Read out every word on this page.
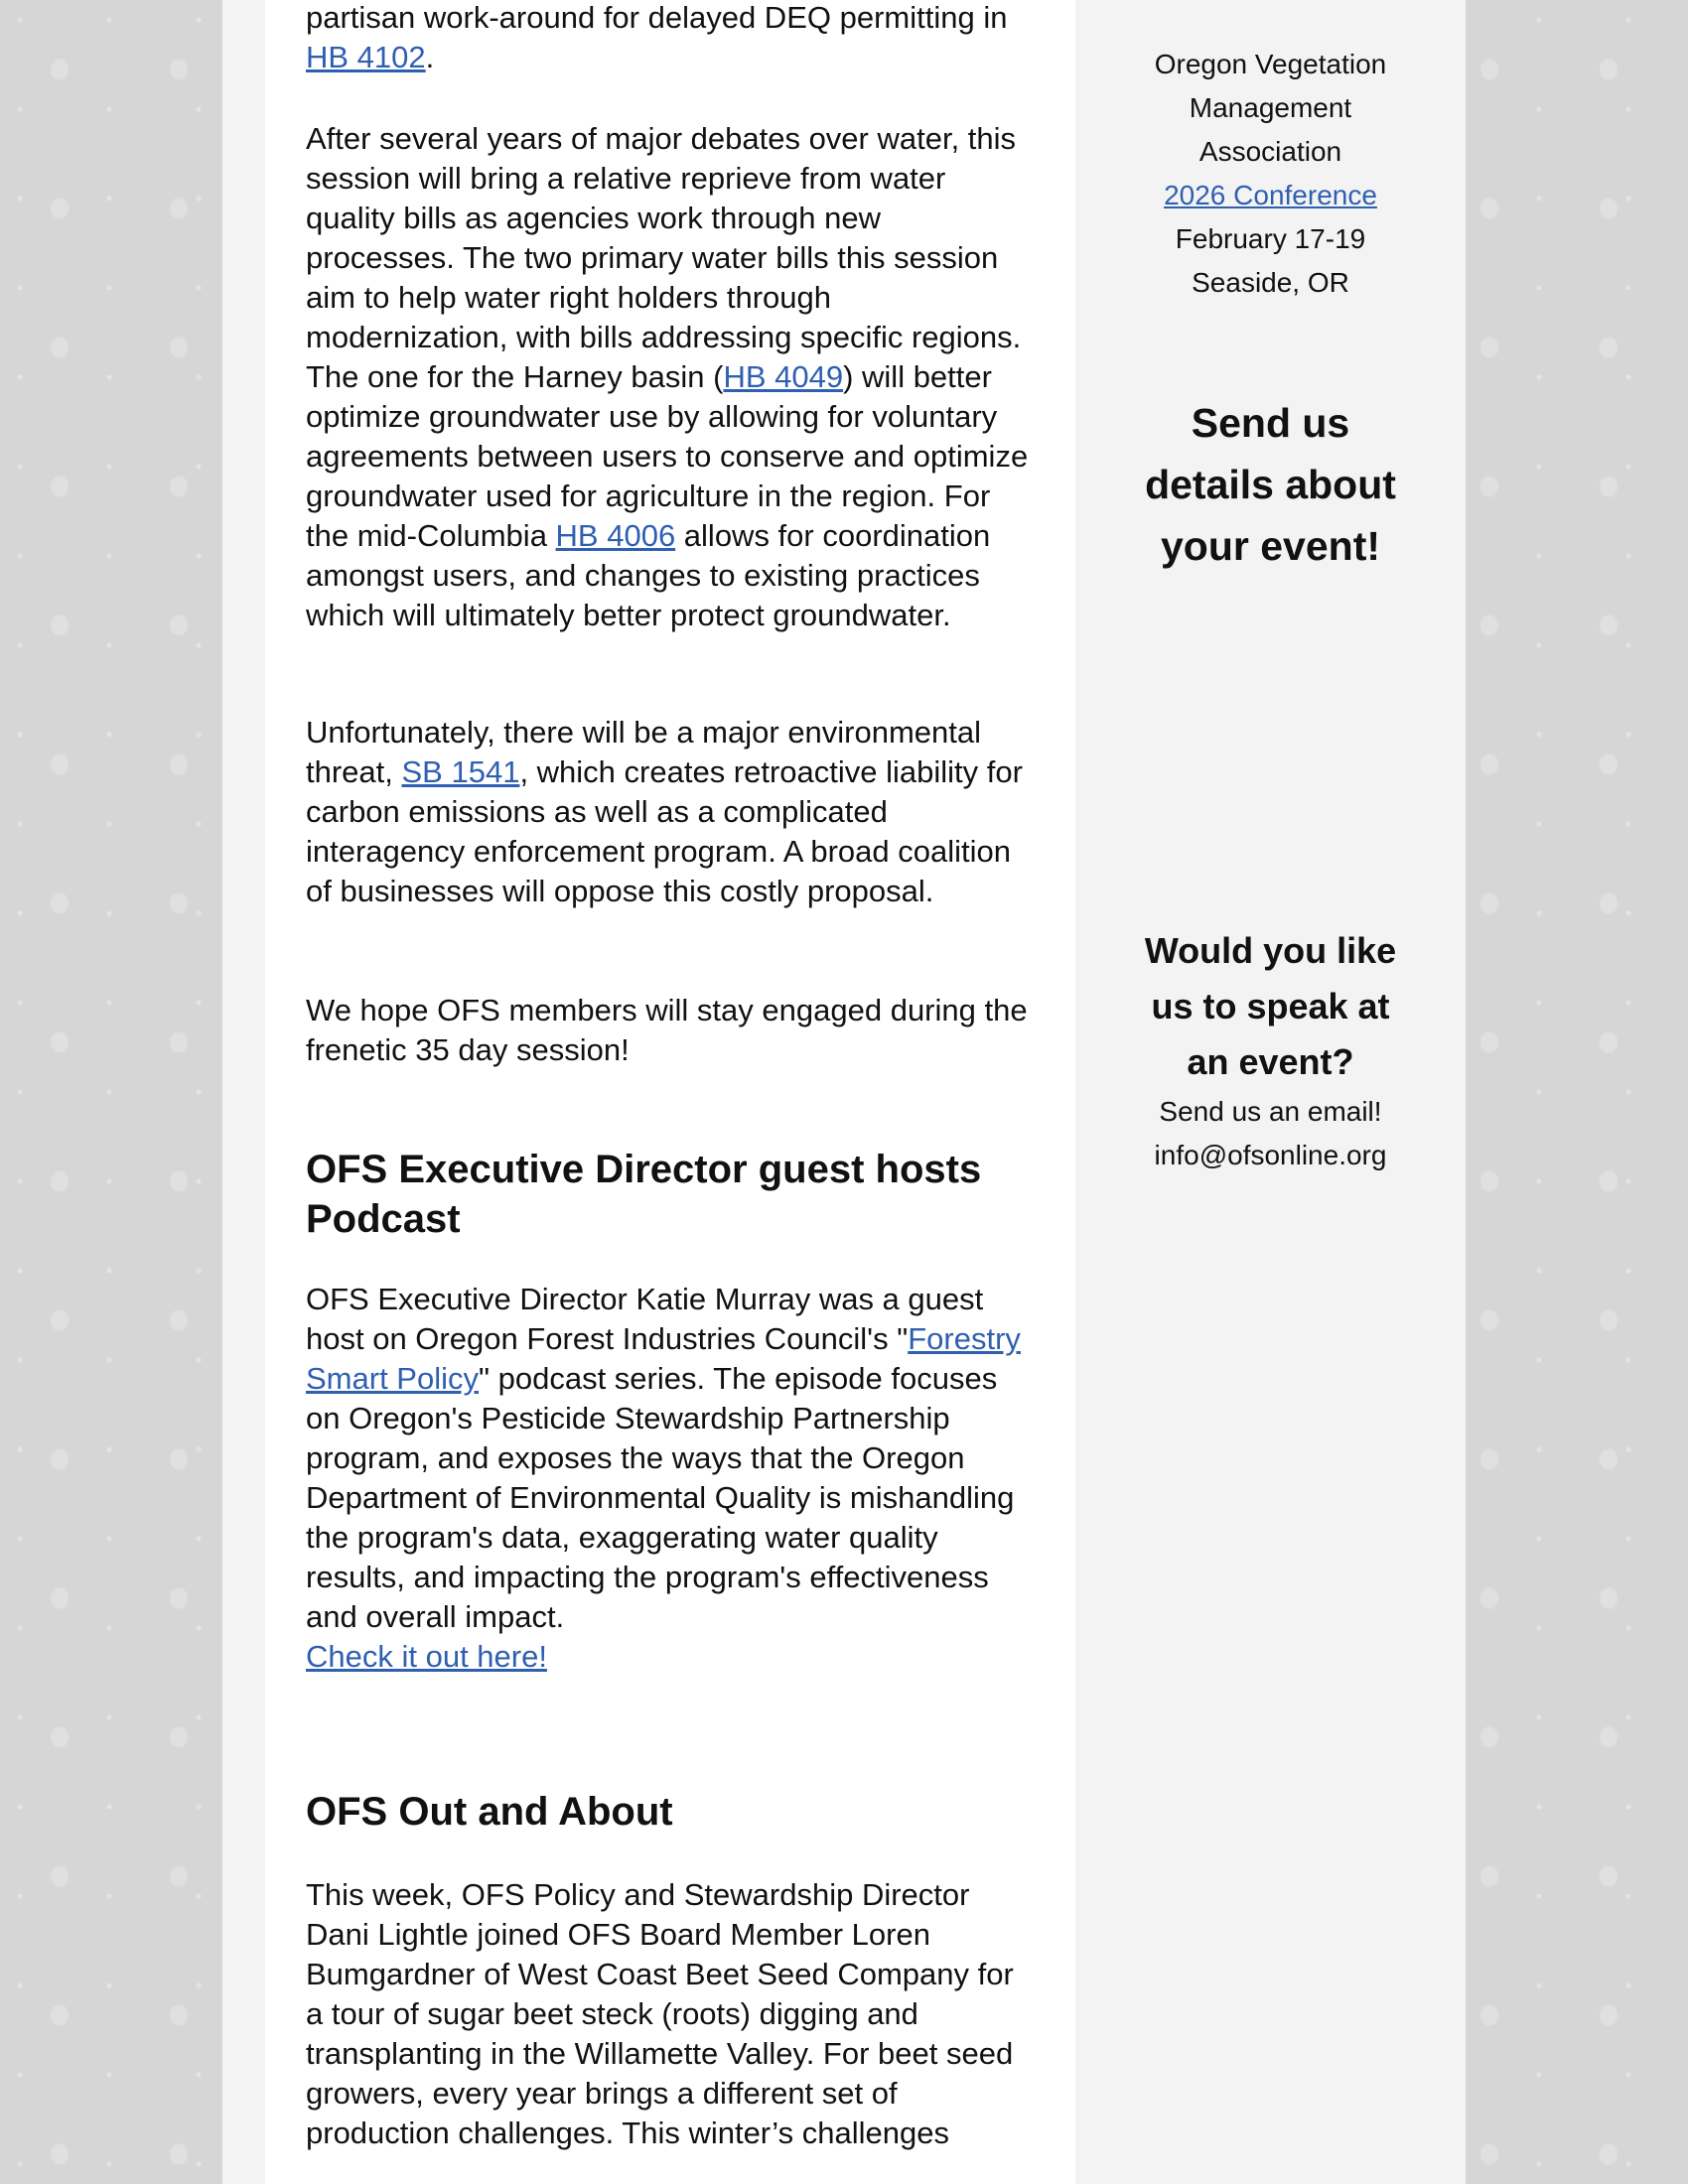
partisan work-around for delayed DEQ permitting in HB 4102.

After several years of major debates over water, this session will bring a relative reprieve from water quality bills as agencies work through new processes. The two primary water bills this session aim to help water right holders through modernization, with bills addressing specific regions. The one for the Harney basin (HB 4049) will better optimize groundwater use by allowing for voluntary agreements between users to conserve and optimize groundwater used for agriculture in the region. For the mid-Columbia HB 4006 allows for coordination amongst users, and changes to existing practices which will ultimately better protect groundwater.

Unfortunately, there will be a major environmental threat, SB 1541, which creates retroactive liability for carbon emissions as well as a complicated interagency enforcement program. A broad coalition of businesses will oppose this costly proposal.

We hope OFS members will stay engaged during the frenetic 35 day session!

OFS Executive Director guest hosts Podcast

OFS Executive Director Katie Murray was a guest host on Oregon Forest Industries Council's "Forestry Smart Policy" podcast series. The episode focuses on Oregon's Pesticide Stewardship Partnership program, and exposes the ways that the Oregon Department of Environmental Quality is mishandling the program's data, exaggerating water quality results, and impacting the program's effectiveness and overall impact.
Check it out here!

OFS Out and About

This week, OFS Policy and Stewardship Director Dani Lightle joined OFS Board Member Loren Bumgardner of West Coast Beet Seed Company for a tour of sugar beet steck (roots) digging and transplanting in the Willamette Valley. For beet seed growers, every year brings a different set of production challenges. This winter’s challenges

Oregon Vegetation
Management
Association
2026 Conference
February 17-19
Seaside, OR
Send us
details about
your event!
Would you like
us to speak at
an event?
Send us an email!
info@ofsonline.org
